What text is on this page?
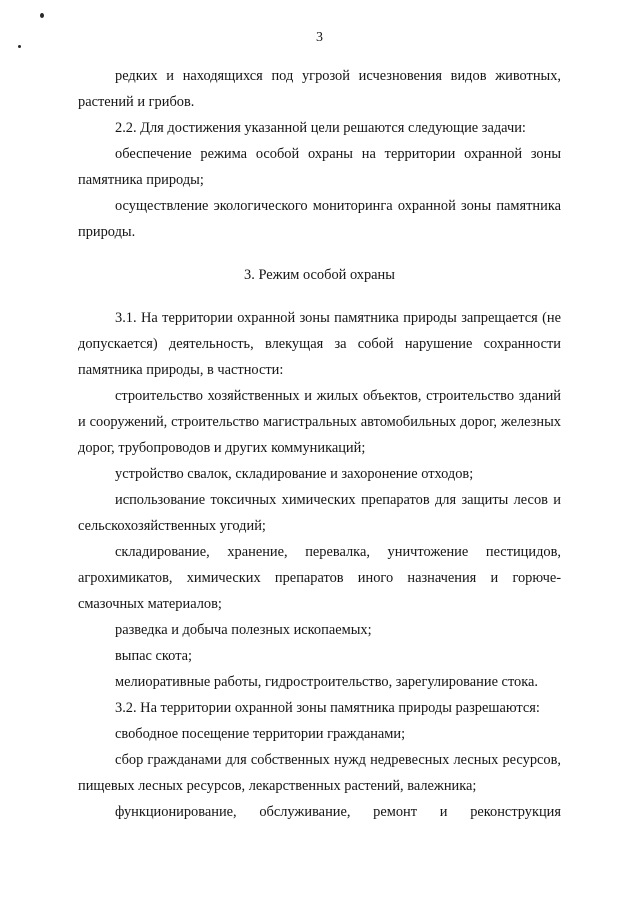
3

редких и находящихся под угрозой исчезновения видов животных, растений и грибов.

2.2. Для достижения указанной цели решаются следующие задачи:

обеспечение режима особой охраны на территории охранной зоны памятника природы;

осуществление экологического мониторинга охранной зоны памятника природы.

3. Режим особой охраны

3.1. На территории охранной зоны памятника природы запрещается (не допускается) деятельность, влекущая за собой нарушение сохранности памятника природы, в частности:

строительство хозяйственных и жилых объектов, строительство зданий и сооружений, строительство магистральных автомобильных дорог, железных дорог, трубопроводов и других коммуникаций;

устройство свалок, складирование и захоронение отходов;

использование токсичных химических препаратов для защиты лесов и сельскохозяйственных угодий;

складирование, хранение, перевалка, уничтожение пестицидов, агрохимикатов, химических препаратов иного назначения и горюче-смазочных материалов;

разведка и добыча полезных ископаемых;

выпас скота;

мелиоративные работы, гидростроительство, зарегулирование стока.

3.2. На территории охранной зоны памятника природы разрешаются:

свободное посещение территории гражданами;

сбор гражданами для собственных нужд недревесных лесных ресурсов, пищевых лесных ресурсов, лекарственных растений, валежника;

функционирование, обслуживание, ремонт и реконструкция
